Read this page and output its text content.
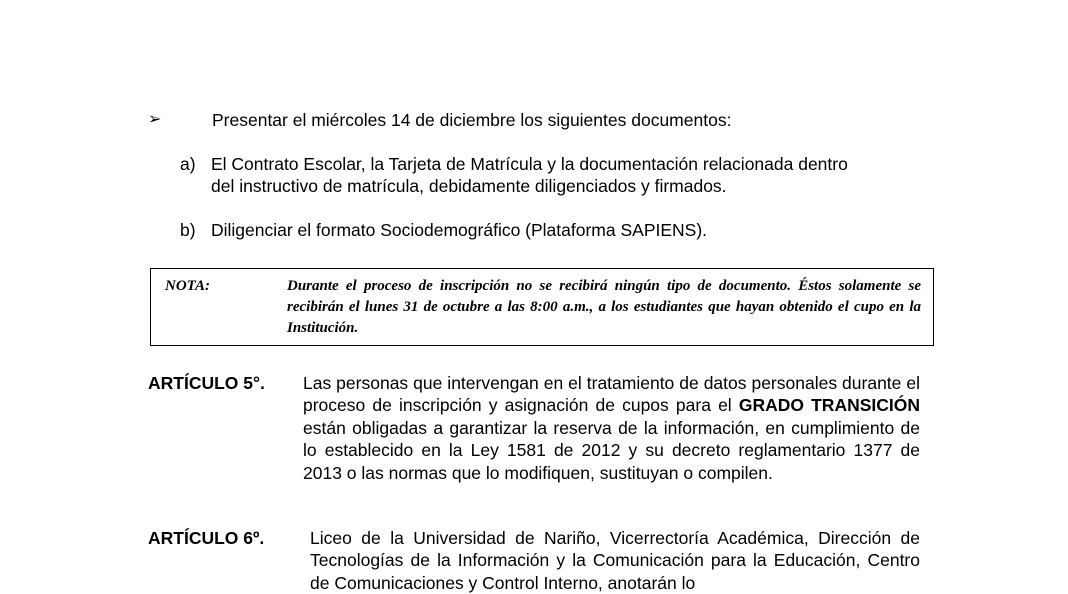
➢	Presentar el miércoles 14 de diciembre los siguientes documentos:
a) El Contrato Escolar, la Tarjeta de Matrícula y la documentación relacionada dentro
del instructivo de matrícula, debidamente diligenciados y firmados.
b) Diligenciar el formato Sociodemográfico (Plataforma SAPIENS).
NOTA:	Durante el proceso de inscripción no se recibirá ningún tipo de documento. Éstos solamente se recibirán el lunes 31 de octubre a las 8:00 a.m., a los estudiantes que hayan obtenido el cupo en la Institución.
ARTÍCULO 5°. Las personas que intervengan en el tratamiento de datos personales durante el proceso de inscripción y asignación de cupos para el GRADO TRANSICIÓN están obligadas a garantizar la reserva de la información, en cumplimiento de lo establecido en la Ley 1581 de 2012 y su decreto reglamentario 1377 de 2013 o las normas que lo modifiquen, sustituyan o compilen.
ARTÍCULO 6º.	Liceo de la Universidad de Nariño, Vicerrectoría Académica, Dirección de Tecnologías de la Información y la Comunicación para la Educación, Centro de Comunicaciones y Control Interno, anotarán lo
